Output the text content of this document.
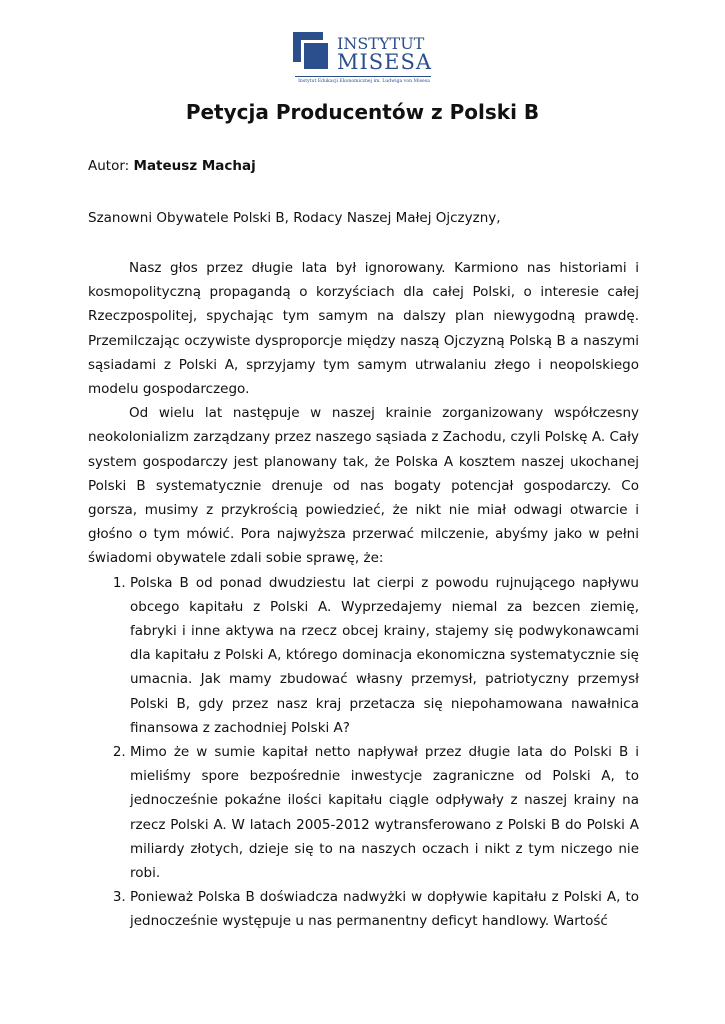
INSTYTUT
MISESA
Instytut Edukacji Ekonomicznej im. Ludwiga von Misesa
Petycja Producentów z Polski B

Autor: Mateusz Machaj

Szanowni Obywatele Polski B, Rodacy Naszej Małej Ojczyzny,

Nasz głos przez długie lata był ignorowany. Karmiono nas historiami i kosmopolityczną propagandą o korzyściach dla całej Polski, o interesie całej Rzeczpospolitej, spychając tym samym na dalszy plan niewygodną prawdę. Przemilczając oczywiste dysproporcje między naszą Ojczyzną Polską B a naszymi sąsiadami z Polski A, sprzyjamy tym samym utrwalaniu złego i neopolskiego modelu gospodarczego.

Od wielu lat następuje w naszej krainie zorganizowany współczesny neokolonializm zarządzany przez naszego sąsiada z Zachodu, czyli Polskę A. Cały system gospodarczy jest planowany tak, że Polska A kosztem naszej ukochanej Polski B systematycznie drenuje od nas bogaty potencjał gospodarczy. Co gorsza, musimy z przykrością powiedzieć, że nikt nie miał odwagi otwarcie i głośno o tym mówić. Pora najwyższa przerwać milczenie, abyśmy jako w pełni świadomi obywatele zdali sobie sprawę, że:

1. Polska B od ponad dwudziestu lat cierpi z powodu rujnującego napływu obcego kapitału z Polski A. Wyprzedajemy niemal za bezcen ziemię, fabryki i inne aktywa na rzecz obcej krainy, stajemy się podwykonawcami dla kapitału z Polski A, którego dominacja ekonomiczna systematycznie się umacnia. Jak mamy zbudować własny przemysł, patriotyczny przemysł Polski B, gdy przez nasz kraj przetacza się niepohamowana nawałnica finansowa z zachodniej Polski A?
2. Mimo że w sumie kapitał netto napływał przez długie lata do Polski B i mieliśmy spore bezpośrednie inwestycje zagraniczne od Polski A, to jednocześnie pokaźne ilości kapitału ciągle odpływały z naszej krainy na rzecz Polski A. W latach 2005-2012 wytransferowano z Polski B do Polski A miliardy złotych, dzieje się to na naszych oczach i nikt z tym niczego nie robi.
3. Ponieważ Polska B doświadcza nadwyżki w dopływie kapitału z Polski A, to jednocześnie występuje u nas permanentny deficyt handlowy. Wartość
